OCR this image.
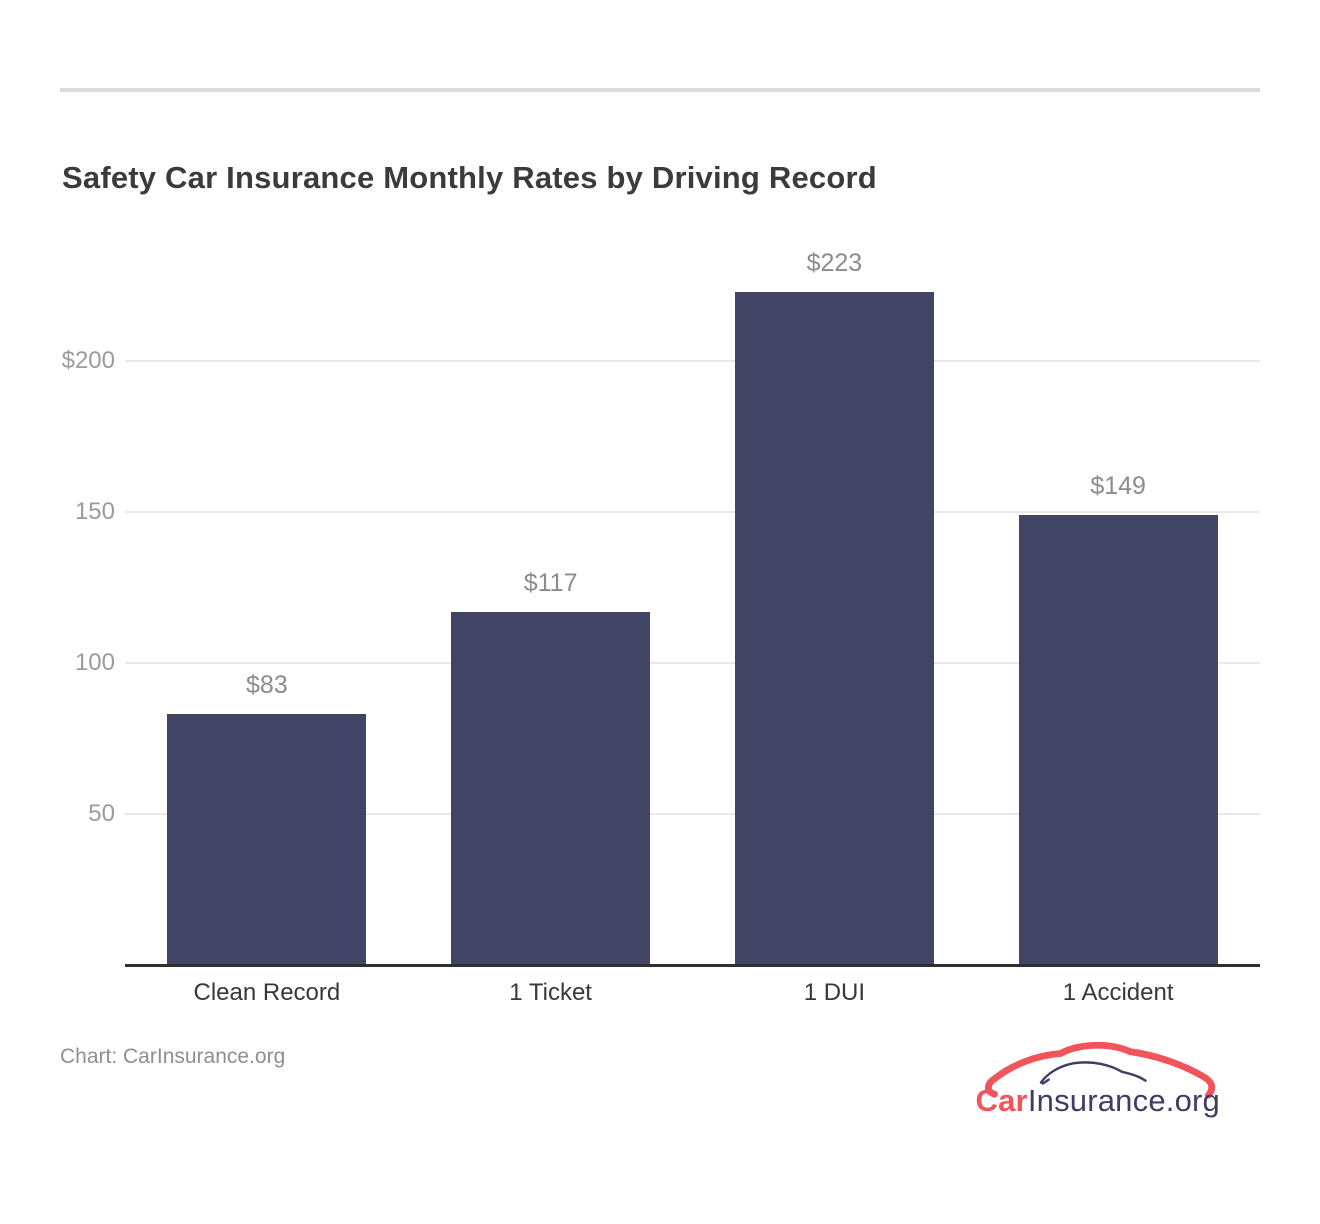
Safety Car Insurance Monthly Rates by Driving Record
50
100
150
$200
$83
Clean Record
$117
1 Ticket
$223
1 DUI
$149
1 Accident
Chart: CarInsurance.org
CarInsurance.org
